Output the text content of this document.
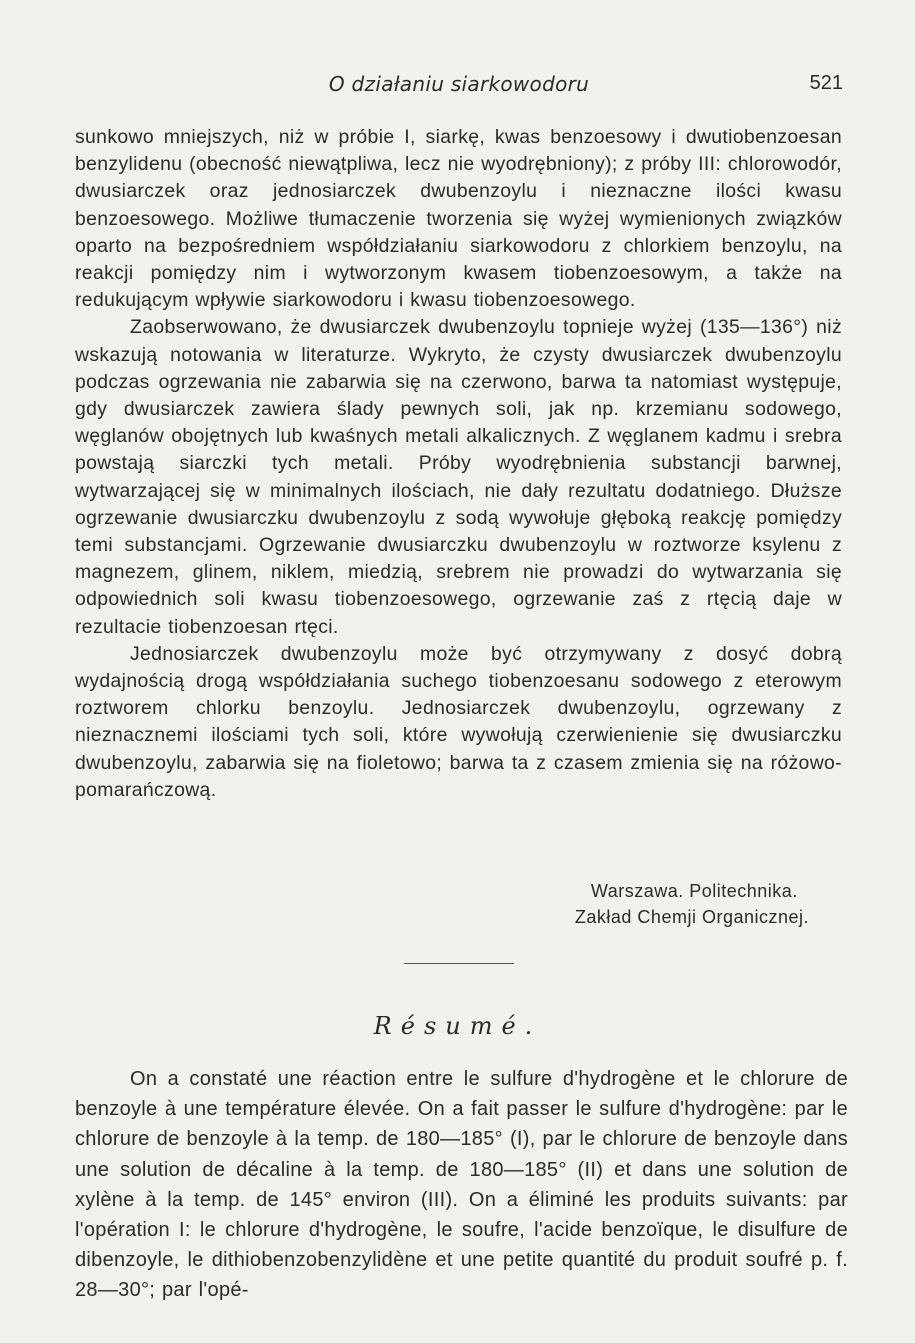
O działaniu siarkowodoru	521

sunkowo mniejszych, niż w próbie I, siarkę, kwas benzoesowy i dwutiobenzoesan benzylidenu (obecność niewątpliwa, lecz nie wyodrębniony); z próby III: chlorowodór, dwusiarczek oraz jednosiarczek dwubenzoylu i nieznaczne ilości kwasu benzoesowego. Możliwe tłumaczenie tworzenia się wyżej wymienionych związków oparto na bezpośredniem współdziałaniu siarkowodoru z chlorkiem benzoylu, na reakcji pomiędzy nim i wytworzonym kwasem tiobenzoesowym, a także na redukującym wpływie siarkowodoru i kwasu tiobenzoesowego.

Zaobserwowano, że dwusiarczek dwubenzoylu topnieje wyżej (135—136°) niż wskazują notowania w literaturze. Wykryto, że czysty dwusiarczek dwubenzoylu podczas ogrzewania nie zabarwia się na czerwono, barwa ta natomiast występuje, gdy dwusiarczek zawiera ślady pewnych soli, jak np. krzemianu sodowego, węglanów obojętnych lub kwaśnych metali alkalicznych. Z węglanem kadmu i srebra powstają siarczki tych metali. Próby wyodrębnienia substancji barwnej, wytwarzającej się w minimalnych ilościach, nie dały rezultatu dodatniego. Dłuższe ogrzewanie dwusiarczku dwubenzoylu z sodą wywołuje głęboką reakcję pomiędzy temi substancjami. Ogrzewanie dwusiarczku dwubenzoylu w roztworze ksylenu z magnezem, glinem, niklem, miedzią, srebrem nie prowadzi do wytwarzania się odpowiednich soli kwasu tiobenzoesowego, ogrzewanie zaś z rtęcią daje w rezultacie tiobenzoesan rtęci.

Jednosiarczek dwubenzoylu może być otrzymywany z dosyć dobrą wydajnością drogą współdziałania suchego tiobenzoesanu sodowego z eterowym roztworem chlorku benzoylu. Jednosiarczek dwubenzoylu, ogrzewany z nieznacznemi ilościami tych soli, które wywołują czerwienienie się dwusiarczku dwubenzoylu, zabarwia się na fioletowo; barwa ta z czasem zmienia się na różowo-pomarańczową.

Warszawa. Politechnika.
Zakład Chemji Organicznej.
Résumé.

On a constaté une réaction entre le sulfure d'hydrogène et le chlorure de benzoyle à une température élevée. On a fait passer le sulfure d'hydrogène: par le chlorure de benzoyle à la temp. de 180—185° (I), par le chlorure de benzoyle dans une solution de décaline à la temp. de 180—185° (II) et dans une solution de xylène à la temp. de 145° environ (III). On a éliminé les produits suivants: par l'opération I: le chlorure d'hydrogène, le soufre, l'acide benzoïque, le disulfure de dibenzoyle, le dithiobenzobenzylidène et une petite quantité du produit soufré p. f. 28—30°; par l'opé-
